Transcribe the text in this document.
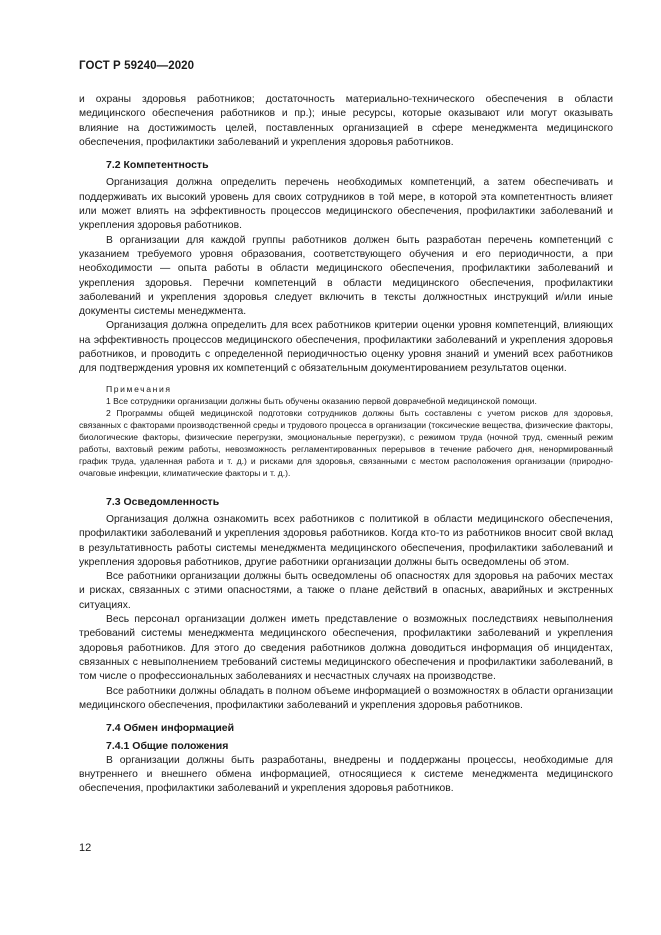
ГОСТ Р 59240—2020

и охраны здоровья работников; достаточность материально-технического обеспечения в области медицинского обеспечения работников и пр.); иные ресурсы, которые оказывают или могут оказывать влияние на достижимость целей, поставленных организацией в сфере менеджмента медицинского обеспечения, профилактики заболеваний и укрепления здоровья работников.

7.2 Компетентность

Организация должна определить перечень необходимых компетенций, а затем обеспечивать и поддерживать их высокий уровень для своих сотрудников в той мере, в которой эта компетентность влияет или может влиять на эффективность процессов медицинского обеспечения, профилактики заболеваний и укрепления здоровья работников.

В организации для каждой группы работников должен быть разработан перечень компетенций с указанием требуемого уровня образования, соответствующего обучения и его периодичности, а при необходимости — опыта работы в области медицинского обеспечения, профилактики заболеваний и укрепления здоровья. Перечни компетенций в области медицинского обеспечения, профилактики заболеваний и укрепления здоровья следует включить в тексты должностных инструкций и/или иные документы системы менеджмента.

Организация должна определить для всех работников критерии оценки уровня компетенций, влияющих на эффективность процессов медицинского обеспечения, профилактики заболеваний и укрепления здоровья работников, и проводить с определенной периодичностью оценку уровня знаний и умений всех работников для подтверждения уровня их компетенций с обязательным документированием результатов оценки.

Примечания

1 Все сотрудники организации должны быть обучены оказанию первой доврачебной медицинской помощи.

2 Программы общей медицинской подготовки сотрудников должны быть составлены с учетом рисков для здоровья, связанных с факторами производственной среды и трудового процесса в организации (токсические вещества, физические факторы, биологические факторы, физические перегрузки, эмоциональные перегрузки), с режимом труда (ночной труд, сменный режим работы, вахтовый режим работы, невозможность регламентированных перерывов в течение рабочего дня, ненормированный график труда, удаленная работа и т. д.) и рисками для здоровья, связанными с местом расположения организации (природно-очаговые инфекции, климатические факторы и т. д.).

7.3 Осведомленность

Организация должна ознакомить всех работников с политикой в области медицинского обеспечения, профилактики заболеваний и укрепления здоровья работников. Когда кто-то из работников вносит свой вклад в результативность работы системы менеджмента медицинского обеспечения, профилактики заболеваний и укрепления здоровья работников, другие работники организации должны быть осведомлены об этом.

Все работники организации должны быть осведомлены об опасностях для здоровья на рабочих местах и рисках, связанных с этими опасностями, а также о плане действий в опасных, аварийных и экстренных ситуациях.

Весь персонал организации должен иметь представление о возможных последствиях невыполнения требований системы менеджмента медицинского обеспечения, профилактики заболеваний и укрепления здоровья работников. Для этого до сведения работников должна доводиться информация об инцидентах, связанных с невыполнением требований системы медицинского обеспечения и профилактики заболеваний, в том числе о профессиональных заболеваниях и несчастных случаях на производстве.

Все работники должны обладать в полном объеме информацией о возможностях в области организации медицинского обеспечения, профилактики заболеваний и укрепления здоровья работников.

7.4 Обмен информацией

7.4.1 Общие положения

В организации должны быть разработаны, внедрены и поддержаны процессы, необходимые для внутреннего и внешнего обмена информацией, относящиеся к системе менеджмента медицинского обеспечения, профилактики заболеваний и укрепления здоровья работников.

12
